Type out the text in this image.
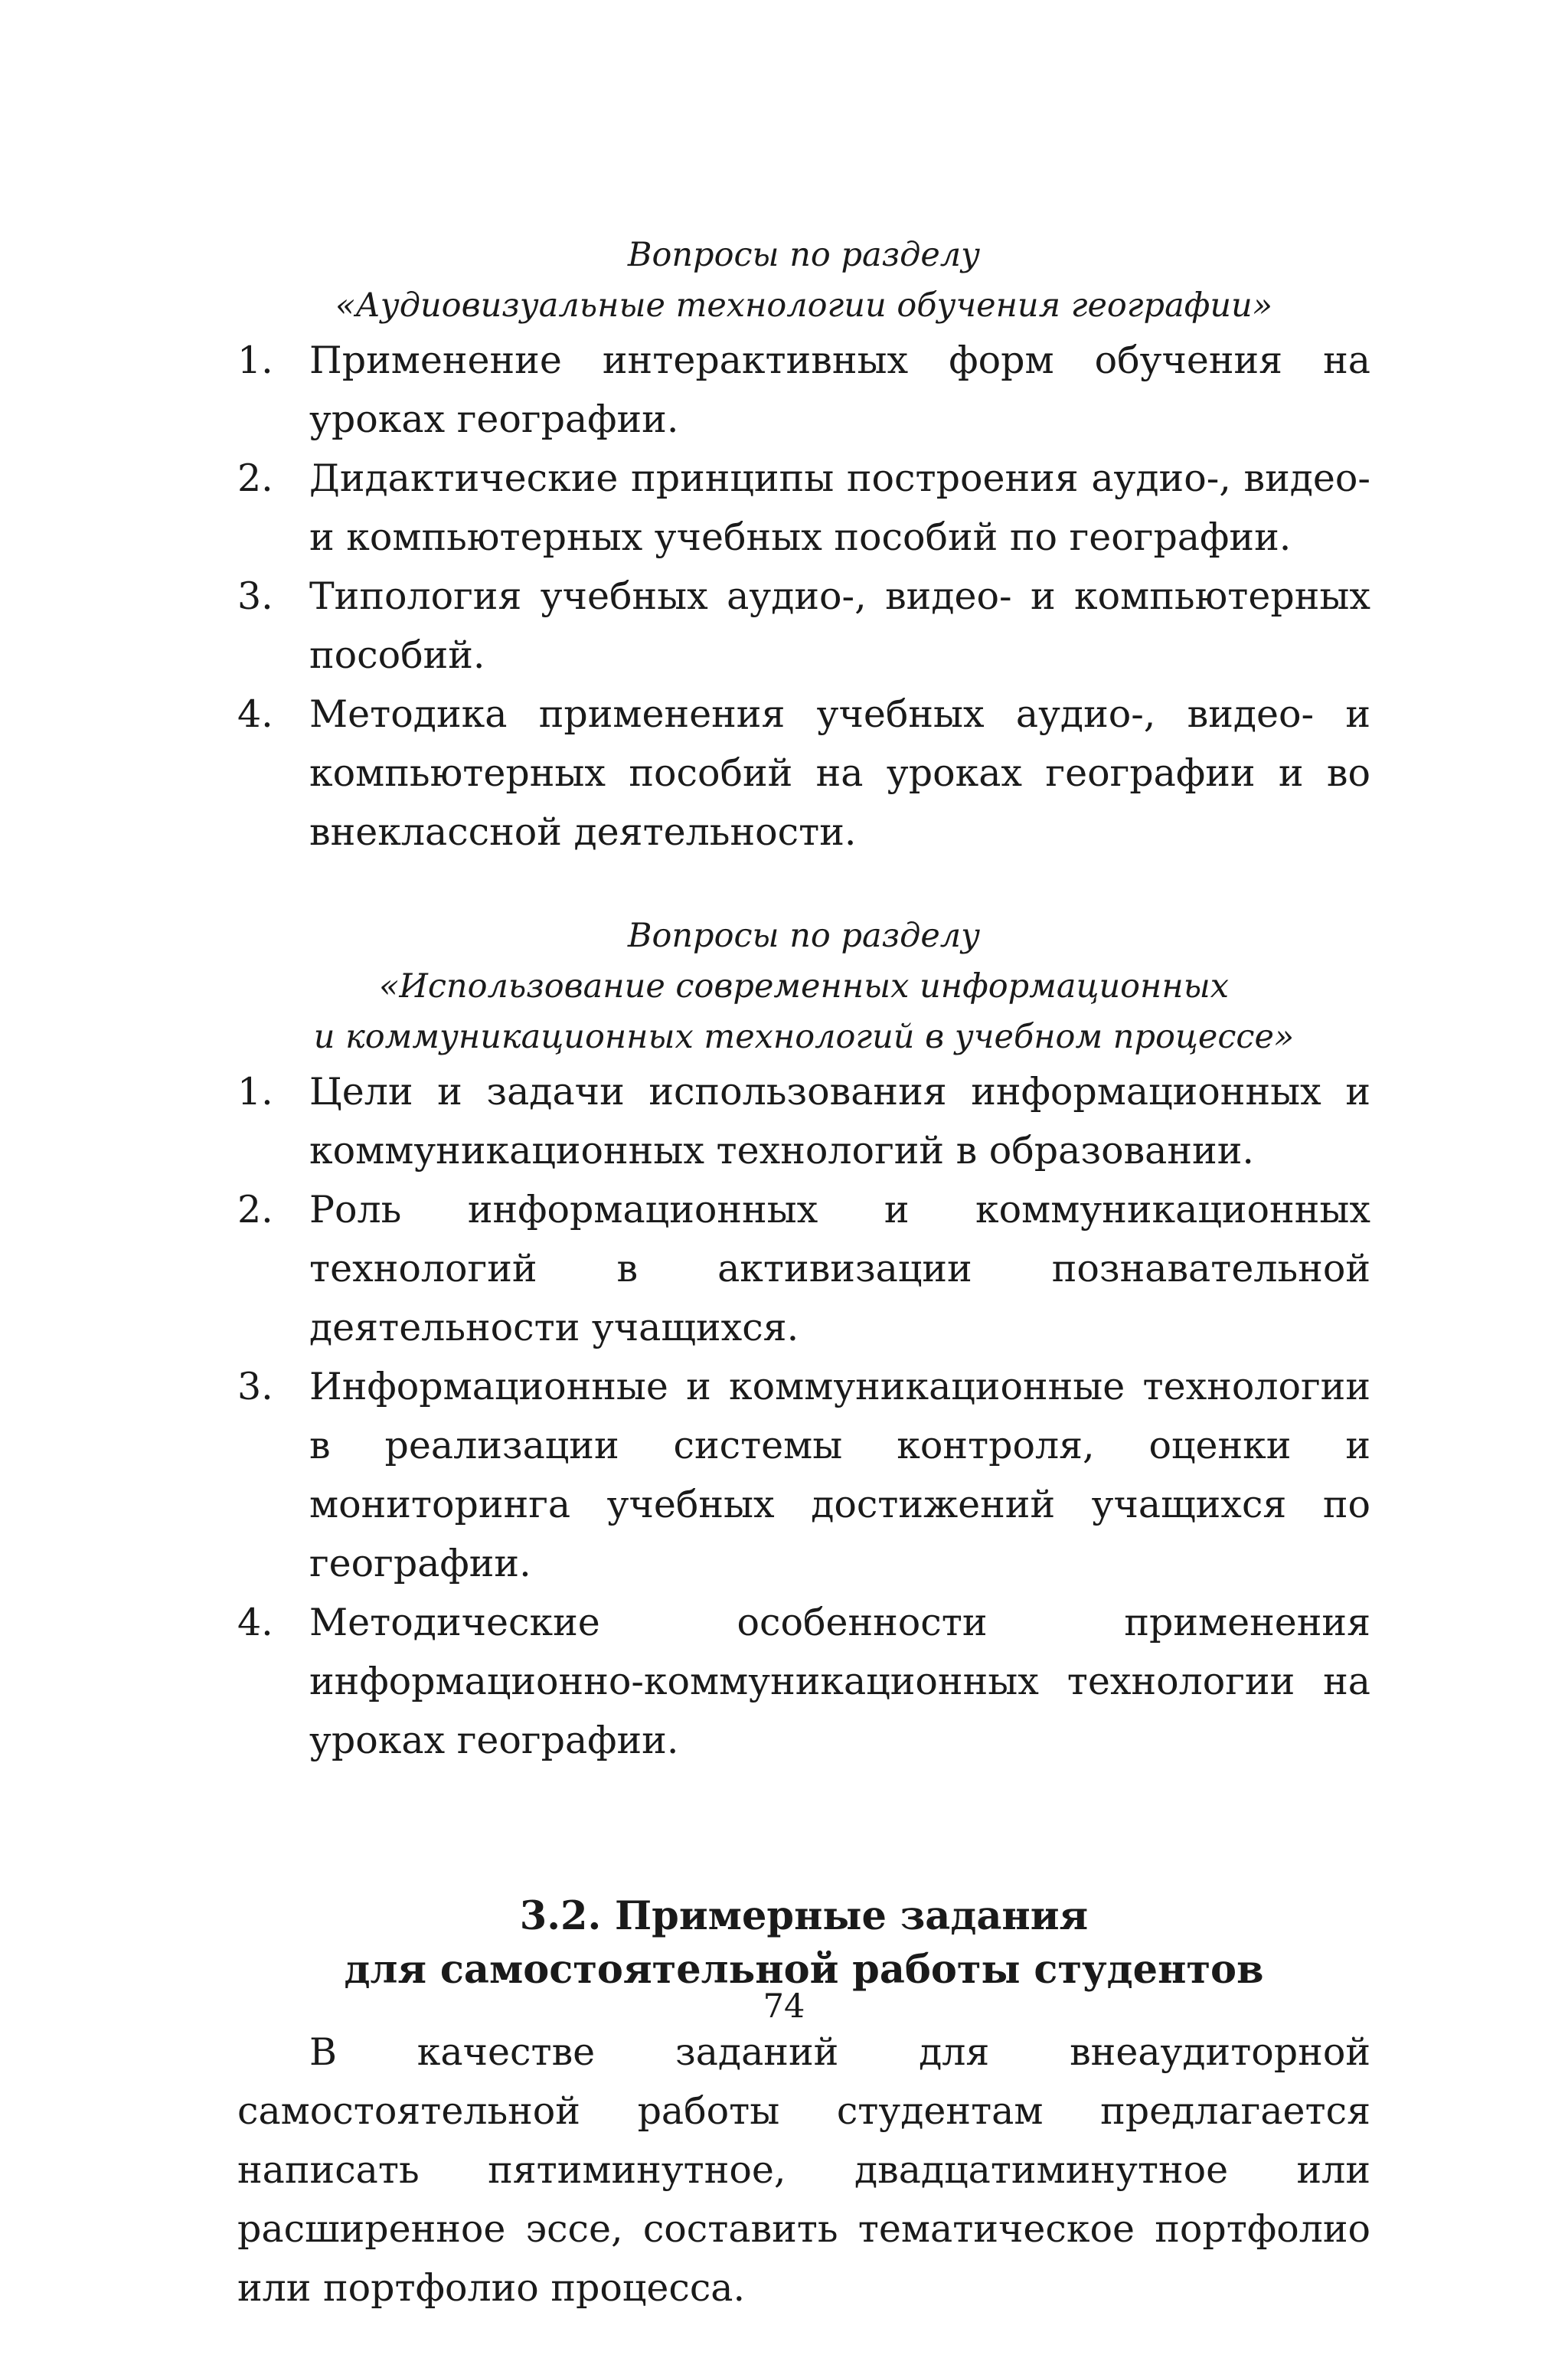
Вопросы по разделу
«Аудиовизуальные технологии обучения географии»
1. Применение интерактивных форм обучения на уроках географии.
2. Дидактические принципы построения аудио-, видео- и компьютерных учебных пособий по географии.
3. Типология учебных аудио-, видео- и компьютерных пособий.
4. Методика применения учебных аудио-, видео- и компьютерных пособий на уроках географии и во внеклассной деятельности.
Вопросы по разделу
«Использование современных информационных
и коммуникационных технологий в учебном процессе»
1. Цели и задачи использования информационных и коммуникационных технологий в образовании.
2. Роль информационных и коммуникационных технологий в активизации познавательной деятельности учащихся.
3. Информационные и коммуникационные технологии в реализации системы контроля, оценки и мониторинга учебных достижений учащихся по географии.
4. Методические особенности применения информационно-коммуникационных технологии на уроках географии.
3.2. Примерные задания
для самостоятельной работы студентов

В качестве заданий для внеаудиторной самостоятельной работы студентам предлагается написать пятиминутное, двадцатиминутное или расширенное эссе, составить тематическое портфолио или портфолио процесса.

74
